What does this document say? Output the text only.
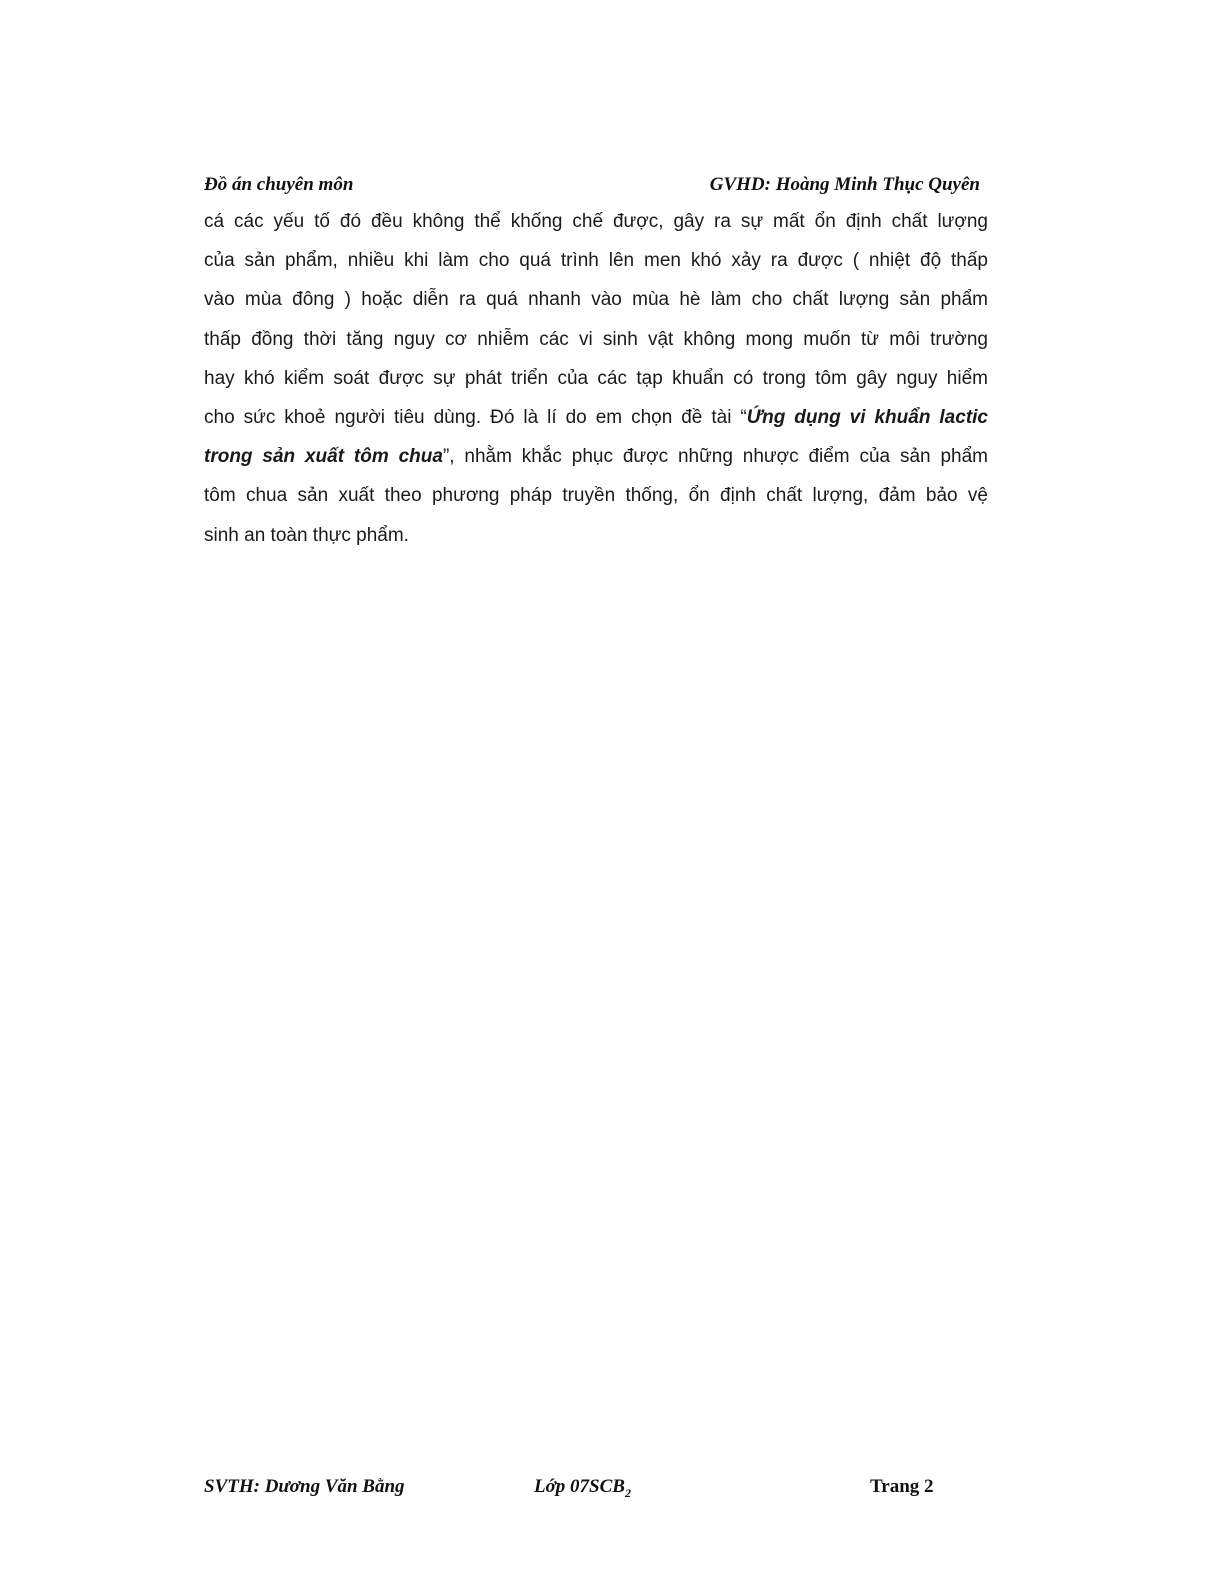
Đồ án chuyên môn	GVHD: Hoàng Minh Thục Quyên
cá các yếu tố đó đều không thể khống chế được, gây ra sự mất ổn định chất lượng
của sản phẩm, nhiều khi làm cho quá trình lên men khó xảy ra được ( nhiệt độ thấp
vào mùa đông ) hoặc diễn ra quá nhanh vào mùa hè làm cho chất lượng sản phẩm
thấp đồng thời tăng nguy cơ nhiễm các vi sinh vật không mong muốn từ môi trường
hay khó kiểm soát được sự phát triển của các tạp khuẩn có trong tôm gây nguy hiểm
cho sức khoẻ người tiêu dùng. Đó là lí do em chọn đề tài “Ứng dụng vi khuẩn lactic
trong sản xuất tôm chua”, nhằm khắc phục được những nhược điểm của sản phẩm
tôm chua sản xuất theo phương pháp truyền thống, ổn định chất lượng, đảm bảo vệ
sinh an toàn thực phẩm.
SVTH: Dương Văn Bằng	Lớp $07SCB_2$	Trang 2
